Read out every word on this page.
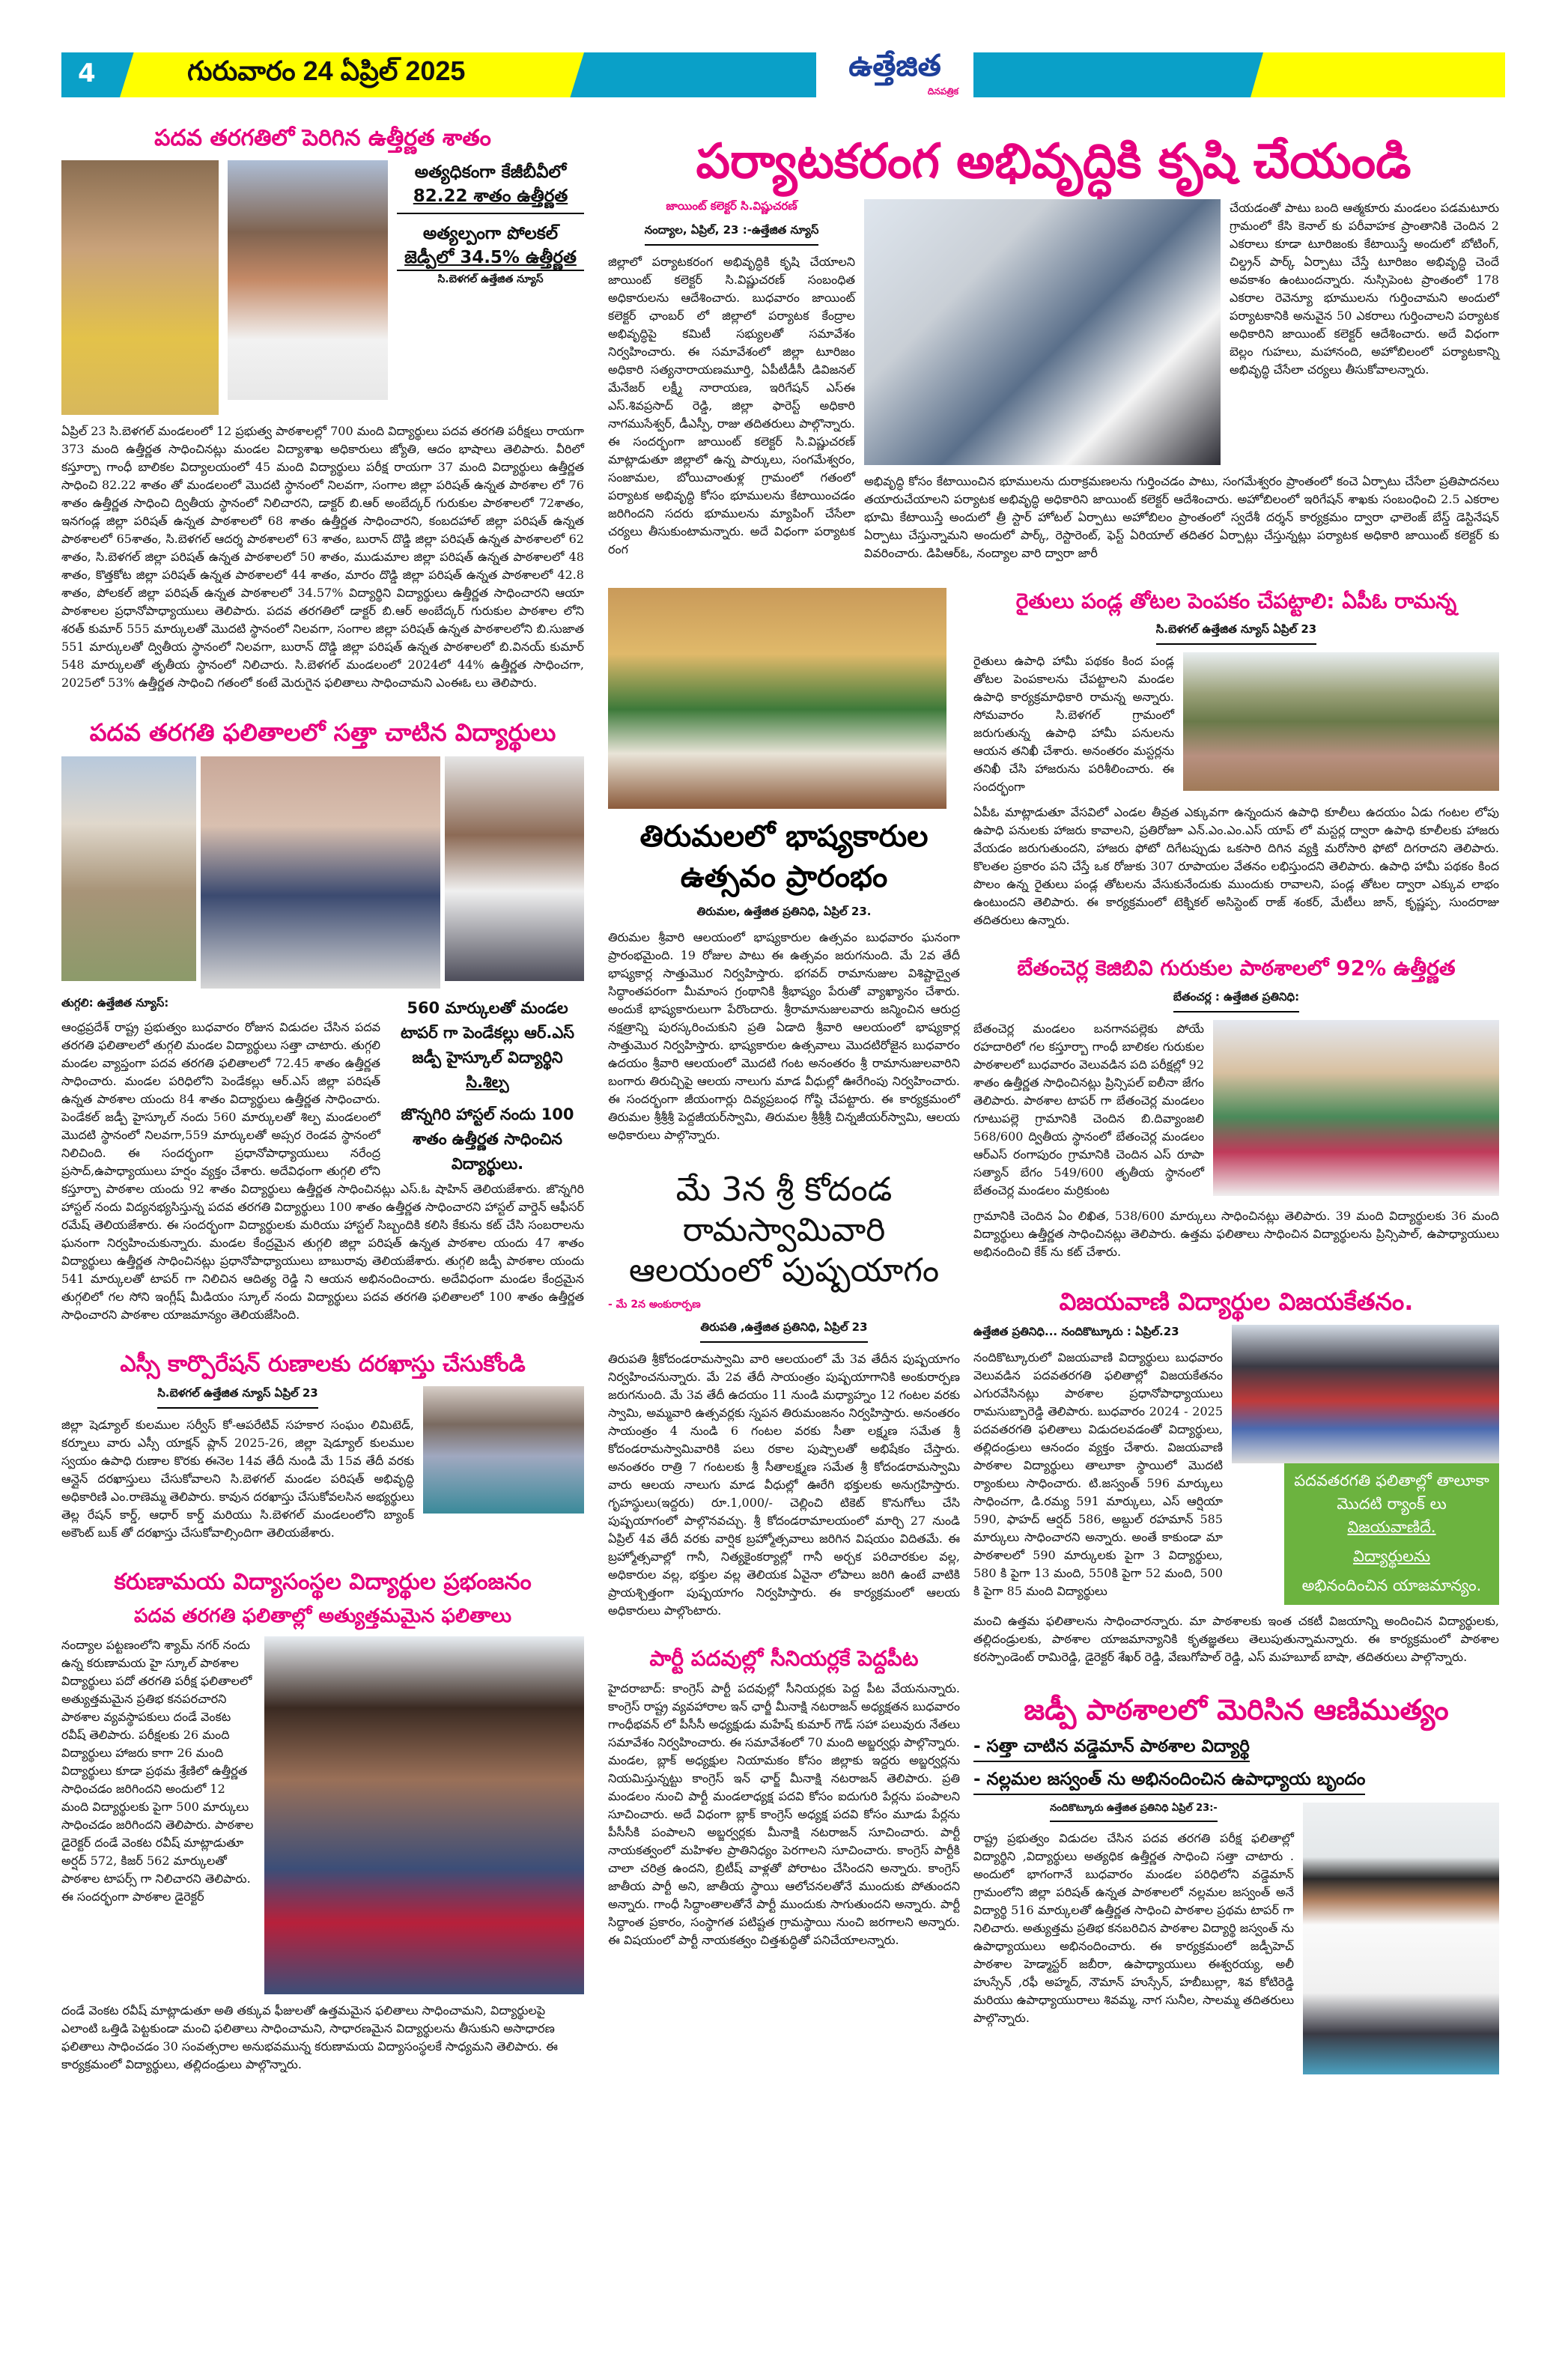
4	గురువారం 24 ఏప్రిల్ 2025	ఉత్తేజిత
దినపత్రిక
పదవ తరగతిలో పెరిగిన ఉత్తీర్ణత శాతం
అత్యధికంగా కేజీబీవీలో
82.22 శాతం ఉత్తీర్ణత
అత్యల్పంగా పోలకల్
జెడ్పీలో 34.5% ఉత్తీర్ణత
సి.బెళగల్ ఉత్తేజిత న్యూస్
ఏప్రిల్ 23 సి.బెళగల్ మండలంలో 12 ప్రభుత్వ పాఠశాలల్లో 700 మంది విద్యార్థులు పదవ తరగతి పరీక్షలు రాయగా 373 మంది ఉత్తీర్ణత సాధించినట్లు మండల విద్యాశాఖ అధికారులు జ్యోతి, ఆదం భాషాలు తెలిపారు. వీరిలో కస్తూర్బా గాంధీ బాలికల విద్యాలయంలో 45 మంది విద్యార్థులు పరీక్ష రాయగా 37 మంది విద్యార్థులు ఉత్తీర్ణత సాధించి 82.22 శాతం తో మండలంలో మొదటి స్థానంలో నిలవగా, సంగాల జిల్లా పరిషత్ ఉన్నత పాఠశాల లో 76 శాతం ఉత్తీర్ణత సాధించి ద్వితీయ స్థానంలో నిలిచారని, డాక్టర్ బి.ఆర్ అంబేద్కర్ గురుకుల పాఠశాలలో 72శాతం, ఇనగండ్ల జిల్లా పరిషత్ ఉన్నత పాఠశాలలో 68 శాతం ఉత్తీర్ణత సాధించారని, కంబదహాల్ జిల్లా పరిషత్ ఉన్నత పాఠశాలలో 65శాతం, సి.బెళగల్ ఆదర్శ పాఠశాలలో 63 శాతం, బురాన్ దొడ్డి జిల్లా పరిషత్ ఉన్నత పాఠశాలలో 62 శాతం, సి.బెళగల్ జిల్లా పరిషత్ ఉన్నత పాఠశాలలో 50 శాతం, ముడుమాల జిల్లా పరిషత్ ఉన్నత పాఠశాలలో 48 శాతం, కొత్తకోట జిల్లా పరిషత్ ఉన్నత పాఠశాలలో 44 శాతం, మారం దొడ్డి జిల్లా పరిషత్ ఉన్నత పాఠశాలలో 42.8 శాతం, పోలకల్ జిల్లా పరిషత్ ఉన్నత పాఠశాలలో 34.57% విద్యార్థిని విద్యార్థులు ఉత్తీర్ణత సాధించారని ఆయా పాఠశాలల ప్రధానోపాధ్యాయులు తెలిపారు. పదవ తరగతిలో డాక్టర్ బి.ఆర్ అంబేద్కర్ గురుకుల పాఠశాల లోని శరత్ కుమార్ 555 మార్కులతో మొదటి స్థానంలో నిలవగా, సంగాల జిల్లా పరిషత్ ఉన్నత పాఠశాలలోని బి.సుజాత 551 మార్కులతో ద్వితీయ స్థానంలో నిలవగా, బురాన్ దొడ్డి జిల్లా పరిషత్ ఉన్నత పాఠశాలలో బి.వినయ్ కుమార్ 548 మార్కులతో తృతీయ స్థానంలో నిలిచారు. సి.బెళగల్ మండలంలో 2024లో 44% ఉత్తీర్ణత సాధించగా, 2025లో 53% ఉత్తీర్ణత సాధించి గతంలో కంటే మెరుగైన ఫలితాలు సాధించామని ఎంఈఓ లు తెలిపారు.
పదవ తరగతి ఫలితాలలో సత్తా చాటిన విద్యార్థులు
560 మార్కులతో మండల టాపర్ గా పెండేకల్లు ఆర్.ఎస్ జడ్పీ హైస్కూల్ విద్యార్థిని
సి.శిల్ప
జొన్నగిరి హాస్టల్ నందు 100 శాతం ఉత్తీర్ణత సాధించిన విద్యార్థులు.
తుగ్గలి: ఉత్తేజిత న్యూస్:
ఆంధ్రప్రదేశ్ రాష్ట్ర ప్రభుత్వం బుధవారం రోజున విడుదల చేసిన పదవ తరగతి ఫలితాలలో తుగ్గలి మండల విద్యార్థులు సత్తా చాటారు. తుగ్గలి మండల వ్యాప్తంగా పదవ తరగతి ఫలితాలలో 72.45 శాతం ఉత్తీర్ణత సాధించారు. మండల పరిధిలోని పెండేకల్లు ఆర్.ఎస్ జిల్లా పరిషత్ ఉన్నత పాఠశాల యందు 84 శాతం విద్యార్థులు ఉత్తీర్ణత సాధించారు. పెండేకల్ జడ్పీ హైస్కూల్ నందు 560 మార్కులతో శిల్ప మండలంలో మొదటి స్థానంలో నిలవగా,559 మార్కులతో అప్సర రెండవ స్థానంలో నిలిచింది. ఈ సందర్భంగా ప్రధానోపాధ్యాయులు నరేంద్ర ప్రసాద్,ఉపాధ్యాయులు హర్షం వ్యక్తం చేశారు. అదేవిధంగా తుగ్గలి లోని కస్తూర్బా పాఠశాల యందు 92 శాతం విద్యార్థులు ఉత్తీర్ణత సాధించినట్లు ఎస్.ఓ షాహిన్ తెలియజేశారు. జొన్నగిరి హాస్టల్ నందు విద్యనభ్యసిస్తున్న పదవ తరగతి విద్యార్థులు 100 శాతం ఉత్తీర్ణత సాధించారని హాస్టల్ వార్డెన్ ఆఫీసర్ రమేష్ తెలియజేశారు. ఈ సందర్భంగా విద్యార్థులకు మరియు హాస్టల్ సిబ్బందికి కలిసి కేకును కట్ చేసి సంబరాలను ఘనంగా నిర్వహించుకున్నారు. మండల కేంద్రమైన తుగ్గలి జిల్లా పరిషత్ ఉన్నత పాఠశాల యందు 47 శాతం విద్యార్థులు ఉత్తీర్ణత సాధించినట్లు ప్రధానోపాధ్యాయులు బాబురావు తెలియజేశారు. తుగ్గలి జడ్పీ పాఠశాల యందు 541 మార్కులతో టాపర్ గా నిలిచిన ఆదిత్య రెడ్డి ని ఆయన అభినందించారు. అదేవిధంగా మండల కేంద్రమైన తుగ్గలిలో గల సోని ఇంగ్లీష్ మీడియం స్కూల్ నందు విద్యార్థులు పదవ తరగతి ఫలితాలలో 100 శాతం ఉత్తీర్ణత సాధించారని పాఠశాల యాజమాన్యం తెలియజేసింది.
ఎస్సీ కార్పొరేషన్ రుణాలకు దరఖాస్తు చేసుకోండి
సి.బెళగల్ ఉత్తేజిత న్యూస్ ఏప్రిల్ 23
జిల్లా షెడ్యూల్ కులముల సర్వీస్ కో-ఆపరేటివ్ సహకార సంఘం లిమిటెడ్, కర్నూలు వారు ఎస్సీ యాక్షన్ ప్లాన్ 2025-26, జిల్లా షెడ్యూల్ కులముల స్వయం ఉపాధి రుణాల కొరకు ఈనెల 14వ తేదీ నుండి మే 15వ తేదీ వరకు ఆన్లైన్ దరఖాస్తులు చేసుకోవాలని సి.బెళగల్ మండల పరిషత్ అభివృద్ధి అధికారిణి ఎం.రాణెమ్మ తెలిపారు. కావున దరఖాస్తు చేసుకోవలసిన అభ్యర్థులు తెల్ల రేషన్ కార్డ్, ఆధార్ కార్డ్ మరియు సి.బెళగల్ మండలంలోని బ్యాంక్ అకౌంట్ బుక్ తో దరఖాస్తు చేసుకోవాల్సిందిగా తెలియజేశారు.
కరుణామయ విద్యాసంస్థల విద్యార్థుల ప్రభంజనం
పదవ తరగతి ఫలితాల్లో అత్యుత్తమమైన ఫలితాలు
నంద్యాల పట్టణంలోని శ్యామ్ నగర్ నందు ఉన్న కరుణామయ హై స్కూల్ పాఠశాల విద్యార్థులు పదో తరగతి పరీక్ష ఫలితాలలో అత్యుత్తమమైన ప్రతిభ కనపరచారని పాఠశాల వ్యవస్థాపకులు దండే వెంకట రవీష్ తెలిపారు. పరీక్షలకు 26 మంది విద్యార్థులు హాజరు కాగా 26 మంది విద్యార్థులు కూడా ప్రథమ శ్రేణిలో ఉత్తీర్ణత సాధించడం జరిగిందని అందులో 12 మంది విద్యార్థులకు పైగా 500 మార్కులు సాధించడం జరిగిందని తెలిపారు. పాఠశాల డైరెక్టర్ దండే వెంకట రవీష్ మాట్లాడుతూ అర్షద్ 572, కిజర్ 562 మార్కులతో పాఠశాల టాపర్స్ గా నిలిచారని తెలిపారు. ఈ సందర్భంగా పాఠశాల డైరెక్టర్
దండే వెంకట రవీష్ మాట్లాడుతూ అతి తక్కువ ఫీజులతో ఉత్తమమైన ఫలితాలు సాధించామని, విద్యార్థులపై ఎలాంటి ఒత్తిడి పెట్టకుండా మంచి ఫలితాలు సాధించామని, సాధారణమైన విద్యార్థులను తీసుకుని అసాధారణ ఫలితాలు సాధించడం 30 సంవత్సరాల అనుభవమున్న కరుణామయ విద్యాసంస్థలకే సాధ్యమని తెలిపారు. ఈ కార్యక్రమంలో విద్యార్థులు, తల్లిదండ్రులు పాల్గొన్నారు.
పర్యాటకరంగ అభివృద్ధికి కృషి చేయండి
జాయింట్ కలెక్టర్ సి.విష్ణుచరణ్
నంద్యాల, ఏప్రిల్, 23 :-ఉత్తేజిత న్యూస్
జిల్లాలో పర్యాటకరంగ అభివృద్ధికి కృషి చేయాలని జాయింట్ కలెక్టర్ సి.విష్ణుచరణ్ సంబంధిత అధికారులను ఆదేశించారు. బుధవారం జాయింట్ కలెక్టర్ ఛాంబర్ లో జిల్లాలో పర్యాటక కేంద్రాల అభివృద్ధిపై కమిటీ సభ్యులతో సమావేశం నిర్వహించారు. ఈ సమావేశంలో జిల్లా టూరిజం అధికారి సత్యనారాయణమూర్తి, ఏపీటీడీసీ డివిజనల్ మేనేజర్ లక్ష్మీ నారాయణ, ఇరిగేషన్ ఎస్ఈ ఎస్.శివప్రసాద్ రెడ్డి, జిల్లా ఫారెస్ట్ అధికారి నాగముసేశ్వర్, డీఎస్పీ, రాజు తదితరులు పాల్గొన్నారు. ఈ సందర్భంగా జాయింట్ కలెక్టర్ సి.విష్ణుచరణ్ మాట్లాడుతూ జిల్లాలో ఉన్న పార్కులు, సంగమేశ్వరం, సంజామల, బోయిచాంతుళ్ల గ్రామంలో గతంలో పర్యాటక అభివృద్ధి కోసం భూములను కేటాయించడం జరిగిందని సదరు భూములను మ్యాపింగ్ చేసేలా చర్యలు తీసుకుంటామన్నారు. అదే విధంగా పర్యాటక రంగ
చేయడంతో పాటు బంది ఆత్మకూరు మండలం పడమటూరు గ్రామంలో కేసి కెనాల్ కు పరీవాహక ప్రాంతానికి చెందిన 2 ఎకరాలు కూడా టూరిజంకు కేటాయిస్తే అందులో బోటింగ్, చిల్డ్రన్ పార్క్ ఏర్పాటు చేస్తే టూరిజం అభివృద్ధి చెందే అవకాశం ఉంటుందన్నారు. నుస్సిపెంట ప్రాంతంలో 178 ఎకరాల రెవెన్యూ భూములను గుర్తించామని అందులో పర్యాటకానికి అనువైన 50 ఎకరాలు గుర్తించాలని పర్యాటక అధికారిని జాయింట్ కలెక్టర్ ఆదేశించారు. అదే విధంగా బెల్లం గుహలు, మహానంది, అహోబిలంలో పర్యాటకాన్ని అభివృద్ధి చేసేలా చర్యలు తీసుకోవాలన్నారు.
అభివృద్ధి కోసం కేటాయించిన భూములను దురాక్రమణలను గుర్తించడం పాటు, సంగమేశ్వరం ప్రాంతంలో కంచె ఏర్పాటు చేసేలా ప్రతిపాదనలు తయారుచేయాలని పర్యాటక అభివృద్ధి అధికారిని జాయింట్ కలెక్టర్ ఆదేశించారు. అహోబిలంలో ఇరిగేషన్ శాఖకు సంబంధించి 2.5 ఎకరాల భూమి కేటాయిస్తే అందులో త్రీ స్టార్ హోటల్ ఏర్పాటు అహోబిలం ప్రాంతంలో స్వదేశీ దర్శన్ కార్యక్రమం ద్వారా ఛాలెంజ్ బేస్డ్ డెస్టినేషన్ ఏర్పాటు చేస్తున్నామని అందులో పార్క్, రెస్టారెంట్, ఫెస్ట్ ఏరియాల్ తదితర ఏర్పాట్లు చేస్తున్నట్లు పర్యాటక అధికారి జాయింట్ కలెక్టర్ కు వివరించారు. డిపిఆర్ఓ, నంద్యాల వారి ద్వారా జారీ
తిరుమలలో భాష్యకారుల
ఉత్సవం ప్రారంభం
తిరుమల, ఉత్తేజిత ప్రతినిధి, ఏప్రిల్ 23.
తిరుమల శ్రీవారి ఆలయంలో భాష్యకారుల ఉత్సవం బుధవారం ఘనంగా ప్రారంభమైంది. 19 రోజుల పాటు ఈ ఉత్సవం జరుగనుంది. మే 2వ తేదీ భాష్యకార్ల సాత్తుమొర నిర్వహిస్తారు. భగవద్ రామానుజుల విశిష్టాద్వైత సిద్ధాంతపరంగా మీమాంస గ్రంథానికి శ్రీభాష్యం పేరుతో వ్యాఖ్యానం చేశారు. అందుకే భాష్యకారులుగా పేరొందారు. శ్రీరామానుజులవారు జన్మించిన ఆరుద్ర నక్షత్రాన్ని పురస్కరించుకుని ప్రతి ఏడాది శ్రీవారి ఆలయంలో భాష్యకార్ల సాత్తుమొర నిర్వహిస్తారు. భాష్యకారుల ఉత్సవాలు మొదటిరోజైన బుధవారం ఉదయం శ్రీవారి ఆలయంలో మొదటి గంట అనంతరం శ్రీ రామానుజులవారిని బంగారు తిరుచ్చిపై ఆలయ నాలుగు మాడ వీధుల్లో ఊరేగింపు నిర్వహించారు. ఈ సందర్భంగా జీయంగార్లు దివ్యప్రబంధ గోష్ఠి చేపట్టారు. ఈ కార్యక్రమంలో తిరుమల శ్రీశ్రీశ్రీ పెద్దజీయర్‌స్వామి, తిరుమల శ్రీశ్రీశ్రీ చిన్నజీయర్‌స్వామి, ఆలయ అధికారులు పాల్గొన్నారు.
మే 3న శ్రీ కోదండ
రామస్వామివారి
ఆలయంలో పుష్పయాగం
- మే 2న అంకురార్పణ
తిరుపతి ,ఉత్తేజిత ప్రతినిధి, ఏప్రిల్ 23
తిరుపతి శ్రీకోదండరామస్వామి వారి ఆలయంలో మే 3వ తేదీన పుష్పయాగం నిర్వహించనున్నారు. మే 2వ తేదీ సాయంత్రం పుష్పయాగానికి అంకురార్పణ జరుగనుంది. మే 3వ తేదీ ఉదయం 11 నుండి మధ్యాహ్నం 12 గంటల వరకు స్వామి, అమ్మవారి ఉత్సవర్లకు స్నపన తిరుమంజనం నిర్వహిస్తారు. అనంతరం సాయంత్రం 4 నుండి 6 గంటల వరకు సీతా లక్ష్మణ సమేత శ్రీ కోదండరామస్వామివారికి పలు రకాల పుష్పాలతో అభిషేకం చేస్తారు. అనంతరం రాత్రి 7 గంటలకు శ్రీ సీతాలక్ష్మణ సమేత శ్రీ కోదండరామస్వామి వారు ఆలయ నాలుగు మాడ వీధుల్లో ఊరేగి భక్తులకు అనుగ్రహిస్తారు. గృహస్థులు(ఇద్దరు) రూ.1,000/- చెల్లించి టికెట్ కొనుగోలు చేసి పుష్పయాగంలో పాల్గొనవచ్చు. శ్రీ కోదండరామాలయంలో మార్చి 27 నుండి ఏప్రిల్ 4వ తేదీ వరకు వార్షిక బ్రహ్మోత్సవాలు జరిగిన విషయం విదితమే. ఈ బ్రహ్మోత్సవాల్లో గానీ, నిత్యకైంకర్యాల్లో గానీ అర్చక పరిచారకుల వల్ల, అధికారుల వల్ల, భక్తుల వల్ల తెలియక ఏవైనా లోపాలు జరిగి ఉంటే వాటికి ప్రాయశ్చిత్తంగా పుష్పయాగం నిర్వహిస్తారు. ఈ కార్యక్రమంలో ఆలయ అధికారులు పాల్గొంటారు.
పార్టీ పదవుల్లో సీనియర్లకే పెద్దపీట
హైదరాబాద్: కాంగ్రెస్ పార్టీ పదవుల్లో సీనియర్లకు పెద్ద పీట వేయనున్నారు. కాంగ్రెస్ రాష్ట్ర వ్యవహారాల ఇన్ ఛార్జీ మీనాక్షి నటరాజన్ అధ్యక్షతన బుధవారం గాంధీభవన్ లో పీసీసీ అధ్యక్షుడు మహేష్ కుమార్ గౌడ్ సహా పలువురు నేతలు సమావేశం నిర్వహించారు. ఈ సమావేశంలో 70 మంది అబ్జర్వర్లు పాల్గొన్నారు. మండల, బ్లాక్ అధ్యక్షుల నియామకం కోసం జిల్లాకు ఇద్దరు అబ్జర్వర్లను నియమిస్తున్నట్టు కాంగ్రెస్ ఇన్ ఛార్జ్ మీనాక్షి నటరాజన్ తెలిపారు. ప్రతి మండలం నుంచి పార్టీ మండలాధ్యక్ష పదవి కోసం ఐదుగురి పేర్లను పంపాలని సూచించారు. అదే విధంగా బ్లాక్ కాంగ్రెస్ అధ్యక్ష పదవి కోసం మూడు పేర్లను పీసీసీకి పంపాలని అబ్జర్వర్లకు మీనాక్షి నటరాజన్ సూచించారు. పార్టీ నాయకత్వంలో మహిళల ప్రాతినిధ్యం పెరగాలని సూచించారు. కాంగ్రెస్ పార్టీకి చాలా చరిత్ర ఉందని, బ్రిటీష్ వాళ్లతో పోరాటం చేసిందని అన్నారు. కాంగ్రెస్ జాతీయ పార్టీ అని, జాతీయ స్థాయి ఆలోచనలతోనే ముందుకు పోతుందని అన్నారు. గాంధీ సిద్ధాంతాలతోనే పార్టీ ముందుకు సాగుతుందని అన్నారు. పార్టీ సిద్ధాంత ప్రకారం, సంస్థాగత పటిష్టత గ్రామస్థాయి నుంచి జరగాలని అన్నారు. ఈ విషయంలో పార్టీ నాయకత్వం చిత్తశుద్ధితో పనిచేయాలన్నారు.
రైతులు పండ్ల తోటల పెంపకం చేపట్టాలి: ఏపీఓ రామన్న
సి.బెళగల్ ఉత్తేజిత న్యూస్ ఏప్రిల్ 23
రైతులు ఉపాధి హామీ పథకం కింద పండ్ల తోటల పెంపకాలను చేపట్టాలని మండల ఉపాధి కార్యక్రమాధికారి రామన్న అన్నారు. సోమవారం సి.బెళగల్ గ్రామంలో జరుగుతున్న ఉపాధి హామీ పనులను ఆయన తనిఖీ చేశారు. అనంతరం మస్టర్లను తనిఖీ చేసి హాజరును పరిశీలించారు. ఈ సందర్భంగా
ఏపీఓ మాట్లాడుతూ వేసవిలో ఎండల తీవ్రత ఎక్కువగా ఉన్నందున ఉపాధి కూలీలు ఉదయం ఏడు గంటల లోపు ఉపాధి పనులకు హాజరు కావాలని, ప్రతిరోజూ ఎన్.ఎం.ఎం.ఎస్ యాప్ లో మస్టర్ల ద్వారా ఉపాధి కూలీలకు హాజరు వేయడం జరుగుతుందని, హాజరు ఫోటో దిగేటప్పుడు ఒకసారి దిగిన వ్యక్తి మరోసారి ఫోటో దిగరాదని తెలిపారు. కొలతల ప్రకారం పని చేస్తే ఒక రోజుకు 307 రూపాయల వేతనం లభిస్తుందని తెలిపారు. ఉపాధి హామీ పథకం కింద పొలం ఉన్న రైతులు పండ్ల తోటలను వేసుకునేందుకు ముందుకు రావాలని, పండ్ల తోటల ద్వారా ఎక్కువ లాభం ఉంటుందని తెలిపారు. ఈ కార్యక్రమంలో టెక్నికల్ అసిస్టెంట్ రాజ్ శంకర్, మేటీలు జాన్, కృష్ణప్ప, సుందరాజు తదితరులు ఉన్నారు.
బేతంచెర్ల కెజిబివి గురుకుల పాఠశాలలో 92% ఉత్తీర్ణత
బేతంచర్ల : ఉత్తేజిత ప్రతినిధి:
బేతంచెర్ల మండలం బనగానపల్లెకు పోయే రహదారిలో గల కస్తూర్బా గాంధీ బాలికల గురుకుల పాఠశాలలో బుధవారం వెలువడిన పది పరీక్షల్లో 92 శాతం ఉత్తీర్ణత సాధించినట్లు ప్రిన్సిపల్ ఐలీనా జేగం తెలిపారు. పాఠశాల టాపర్ గా బేతంచెర్ల మండలం గూటుపల్లె గ్రామానికి చెందిన బి.దివ్యాంజలి 568/600 ద్వితీయ స్థానంలో బేతంచెర్ల మండలం ఆర్ఎస్ రంగాపురం గ్రామానికి చెందిన ఎస్ రూపా సత్యాన్ బేగం 549/600 తృతీయ స్థానంలో బేతంచెర్ల మండలం మర్రికుంట
గ్రామానికి చెందిన ఏం లిఖిత, 538/600 మార్కులు సాధించినట్లు తెలిపారు. 39 మంది విద్యార్థులకు 36 మంది విద్యార్థులు ఉత్తీర్ణత సాధించినట్లు తెలిపారు. ఉత్తమ ఫలితాలు సాధించిన విద్యార్థులను ప్రిన్సిపాల్, ఉపాధ్యాయులు అభినందించి కేక్ ను కట్ చేశారు.
విజయవాణి విద్యార్థుల విజయకేతనం.
ఉత్తేజిత ప్రతినిధి... నందికొట్కూరు : ఏప్రిల్.23
నందికొట్కూరులో విజయవాణి విద్యార్థులు బుధవారం వెలువడిన పదవతరగతి ఫలితాల్లో విజయకేతనం ఎగురవేసినట్లు పాఠశాల ప్రధానోపాధ్యాయులు రామసుబ్బారెడ్డి తెలిపారు. బుధవారం 2024 - 2025 పదవతరగతి ఫలితాలు విడుదలవడంతో విద్యార్థులు, తల్లిదండ్రులు ఆనందం వ్యక్తం చేశారు. విజయవాణి పాఠశాల విద్యార్థులు తాలూకా స్థాయిలో మొదటి ర్యాంకులు సాధించారు. టి.జస్వంత్ 596 మార్కులు సాధించగా, డి.రమ్య 591 మార్కులు, ఎస్ ఆర్షియా 590, ఫాహద్ ఆర్షద్ 586, అబ్దుల్ రహమాన్ 585 మార్కులు సాధించారని అన్నారు. అంతే కాకుండా మా పాఠశాలలో 590 మార్కులకు పైగా 3 విద్యార్థులు, 580 కి పైగా 13 మంది, 550కి పైగా 52 మంది, 500 కి పైగా 85 మంది విద్యార్థులు
పదవతరగతి ఫలితాల్లో తాలూకా మొదటి ర్యాంక్ లు
విజయవాణిదే.
విద్యార్థులను
అభినందించిన యాజమాన్యం.
మంచి ఉత్తమ ఫలితాలను సాధించారన్నారు. మా పాఠశాలకు ఇంత చకటీ విజయాన్ని అందించిన విద్యార్థులకు, తల్లిదండ్రులకు, పాఠశాల యాజమాన్యానికి కృతజ్ఞతలు తెలుపుతున్నామన్నారు. ఈ కార్యక్రమంలో పాఠశాల కరస్పాండెంట్ రామిరెడ్డి, డైరెక్టర్ శేఖర్ రెడ్డి, వేణుగోపాల్ రెడ్డి, ఎస్ మహబూబ్ బాషా, తదితరులు పాల్గొన్నారు.
జడ్పీ పాఠశాలలో మెరిసిన ఆణిముత్యం
- సత్తా చాటిన వడ్డెమాన్ పాఠశాల విద్యార్థి
- నల్లమల జస్వంత్ ను అభినందించిన ఉపాధ్యాయ బృందం
నందికొట్కూరు ఉత్తేజిత ప్రతినిధి ఏప్రిల్ 23:-
రాష్ట్ర ప్రభుత్వం విడుదల చేసిన పదవ తరగతి పరీక్ష ఫలితాల్లో విద్యార్థిని ,విద్యార్థులు అత్యధిక ఉత్తీర్ణత సాధించి సత్తా చాటారు . అందులో భాగంగానే బుధవారం మండల పరిధిలోని వడ్డెమాన్ గ్రామంలోని జిల్లా పరిషత్ ఉన్నత పాఠశాలలో నల్లమల జస్వంత్ అనే విద్యార్థి 516 మార్కులతో ఉత్తీర్ణత సాధించి పాఠశాల ప్రథమ టాపర్ గా నిలిచారు. అత్యుత్తమ ప్రతిభ కనబరిచిన పాఠశాల విద్యార్థి జస్వంత్ ను ఉపాధ్యాయులు అభినందించారు. ఈ కార్యక్రమంలో జడ్పీహెచ్ పాఠశాల హెడ్మాస్టర్ జబీరా, ఉపాధ్యాయులు ఈశ్వరయ్య, అలీ హుస్సేన్ ,రఫీ అహ్మద్, నౌమాన్ హుస్సేన్, హబీబుల్లా, శివ కోటిరెడ్డి మరియు ఉపాధ్యాయురాలు శివమ్మ, నాగ సునీల, సాలమ్మ తదితరులు పాల్గొన్నారు.
